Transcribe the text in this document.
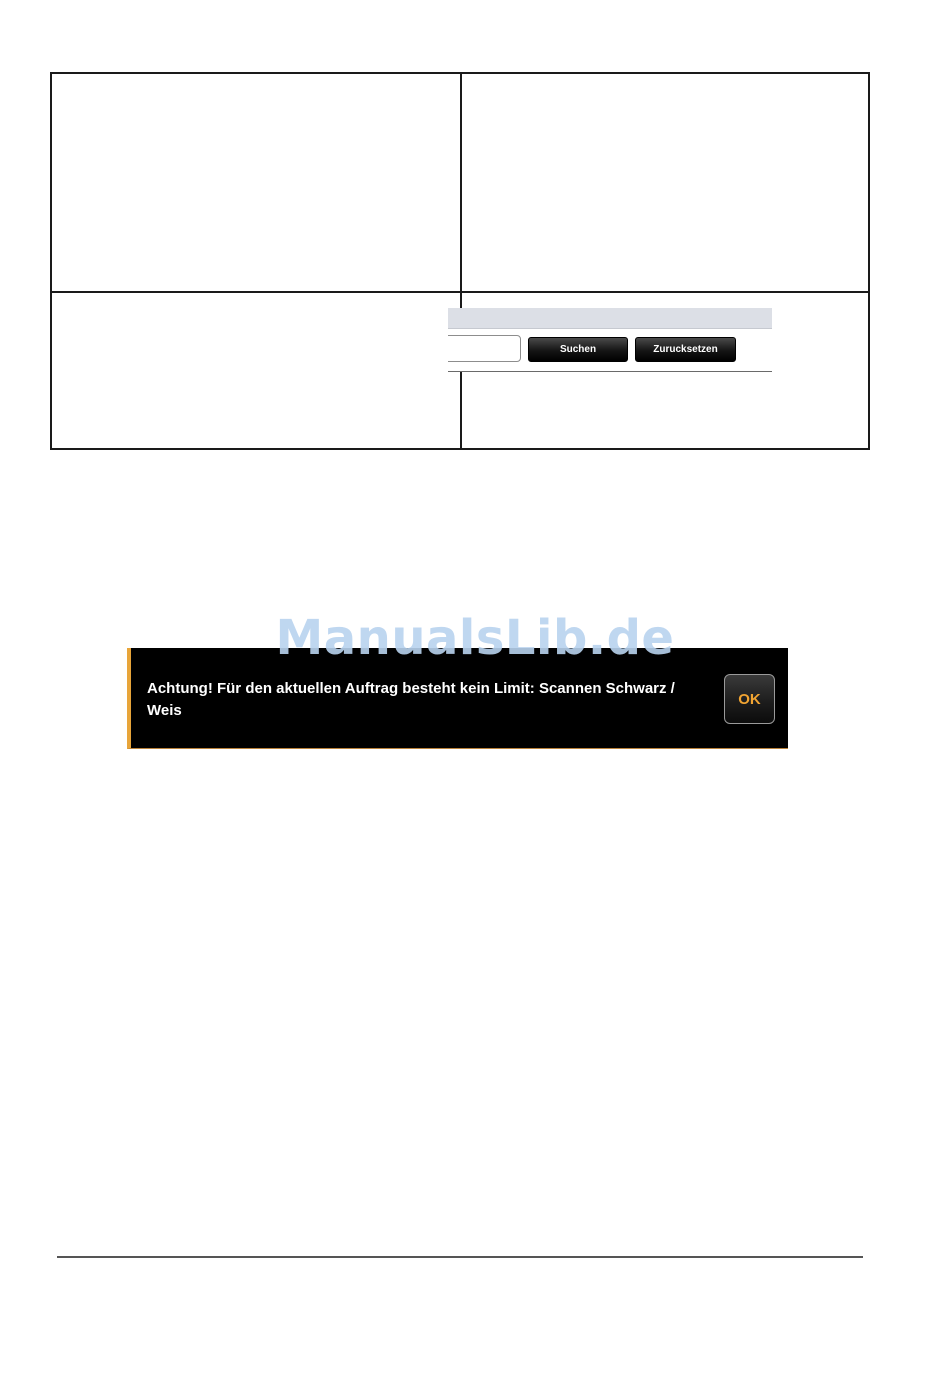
Suchen	Zurucksetzen
ManualsLib.de
Achtung! Für den aktuellen Auftrag besteht kein Limit: Scannen Schwarz / Weis
OK
